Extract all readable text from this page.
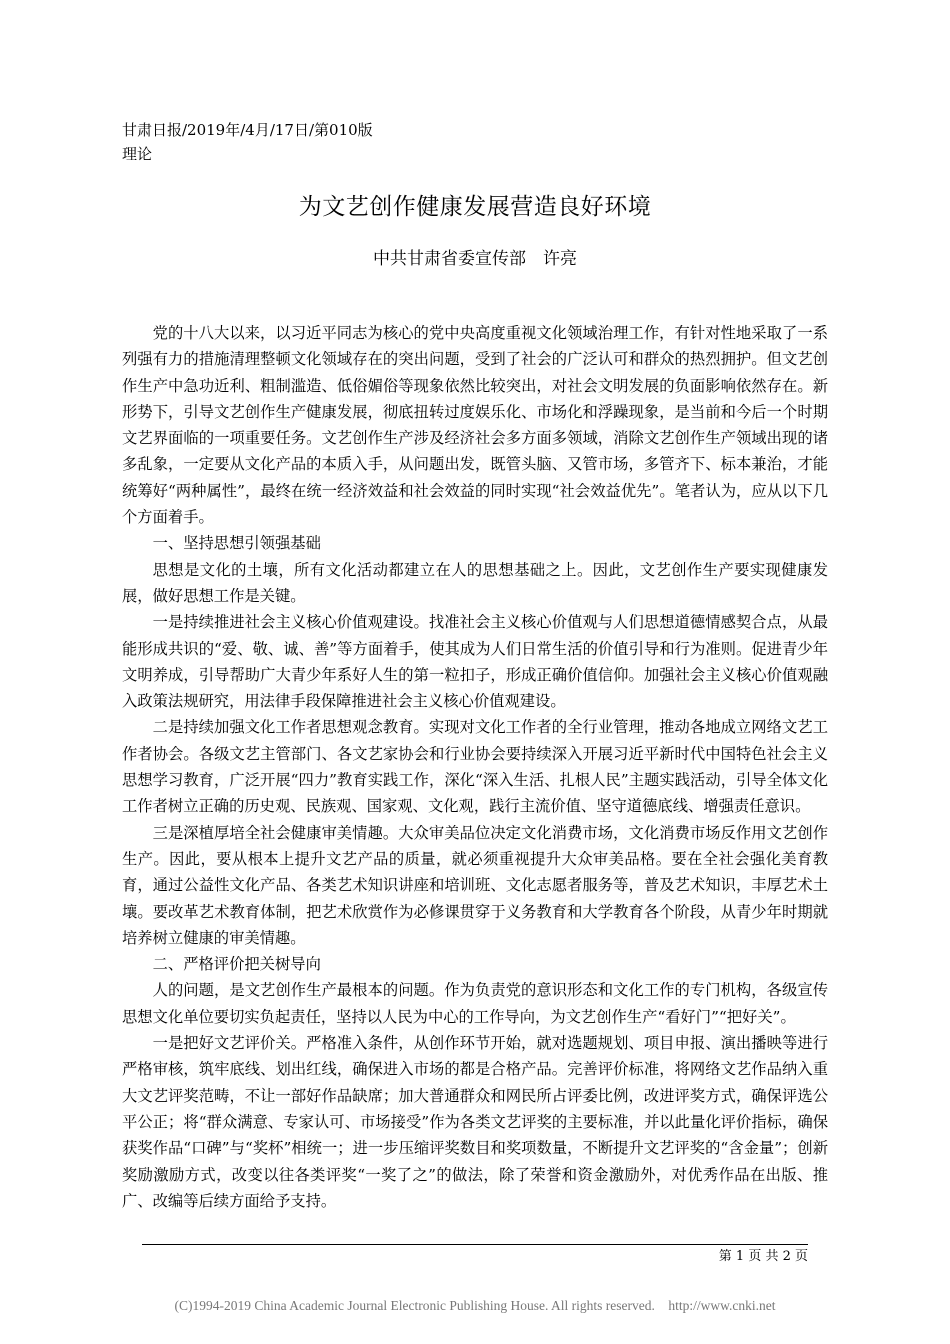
甘肃日报/2019年/4月/17日/第010版
理论
为文艺创作健康发展营造良好环境
中共甘肃省委宣传部　许亮

党的十八大以来，以习近平同志为核心的党中央高度重视文化领域治理工作，有针对性地采取了一系列强有力的措施清理整顿文化领域存在的突出问题，受到了社会的广泛认可和群众的热烈拥护。但文艺创作生产中急功近利、粗制滥造、低俗媚俗等现象依然比较突出，对社会文明发展的负面影响依然存在。新形势下，引导文艺创作生产健康发展，彻底扭转过度娱乐化、市场化和浮躁现象，是当前和今后一个时期文艺界面临的一项重要任务。文艺创作生产涉及经济社会多方面多领域，消除文艺创作生产领域出现的诸多乱象，一定要从文化产品的本质入手，从问题出发，既管头脑、又管市场，多管齐下、标本兼治，才能统筹好“两种属性”，最终在统一经济效益和社会效益的同时实现“社会效益优先”。笔者认为，应从以下几个方面着手。

一、坚持思想引领强基础

思想是文化的土壤，所有文化活动都建立在人的思想基础之上。因此，文艺创作生产要实现健康发展，做好思想工作是关键。

一是持续推进社会主义核心价值观建设。找准社会主义核心价值观与人们思想道德情感契合点，从最能形成共识的“爱、敬、诚、善”等方面着手，使其成为人们日常生活的价值引导和行为准则。促进青少年文明养成，引导帮助广大青少年系好人生的第一粒扣子，形成正确价值信仰。加强社会主义核心价值观融入政策法规研究，用法律手段保障推进社会主义核心价值观建设。

二是持续加强文化工作者思想观念教育。实现对文化工作者的全行业管理，推动各地成立网络文艺工作者协会。各级文艺主管部门、各文艺家协会和行业协会要持续深入开展习近平新时代中国特色社会主义思想学习教育，广泛开展“四力”教育实践工作，深化“深入生活、扎根人民”主题实践活动，引导全体文化工作者树立正确的历史观、民族观、国家观、文化观，践行主流价值、坚守道德底线、增强责任意识。

三是深植厚培全社会健康审美情趣。大众审美品位决定文化消费市场，文化消费市场反作用文艺创作生产。因此，要从根本上提升文艺产品的质量，就必须重视提升大众审美品格。要在全社会强化美育教育，通过公益性文化产品、各类艺术知识讲座和培训班、文化志愿者服务等，普及艺术知识，丰厚艺术土壤。要改革艺术教育体制，把艺术欣赏作为必修课贯穿于义务教育和大学教育各个阶段，从青少年时期就培养树立健康的审美情趣。

二、严格评价把关树导向

人的问题，是文艺创作生产最根本的问题。作为负责党的意识形态和文化工作的专门机构，各级宣传思想文化单位要切实负起责任，坚持以人民为中心的工作导向，为文艺创作生产“看好门”“把好关”。

一是把好文艺评价关。严格准入条件，从创作环节开始，就对选题规划、项目申报、演出播映等进行严格审核，筑牢底线、划出红线，确保进入市场的都是合格产品。完善评价标准，将网络文艺作品纳入重大文艺评奖范畴，不让一部好作品缺席；加大普通群众和网民所占评委比例，改进评奖方式，确保评选公平公正；将“群众满意、专家认可、市场接受”作为各类文艺评奖的主要标准，并以此量化评价指标，确保获奖作品“口碑”与“奖杯”相统一；进一步压缩评奖数目和奖项数量，不断提升文艺评奖的“含金量”；创新奖励激励方式，改变以往各类评奖“一奖了之”的做法，除了荣誉和资金激励外，对优秀作品在出版、推广、改编等后续方面给予支持。

第 1 页 共 2 页
(C)1994-2019 China Academic Journal Electronic Publishing House. All rights reserved.    http://www.cnki.net
